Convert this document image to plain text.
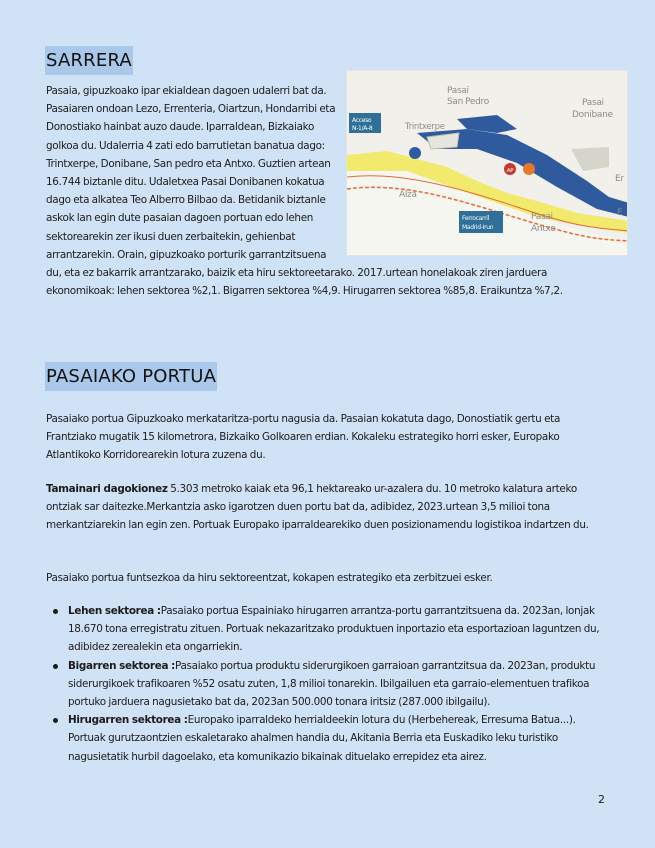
SARRERA
AP
Pasai
San Pedro	Pasai
Donibane
Trintxerpe
Alza
Pasai
Antxo
E
Er
Acceso
N-1/A-8
Ferrocarril
Madrid-Irun
Pasaia, gipuzkoako ipar ekialdean dagoen udalerri bat da. Pasaiaren ondoan Lezo, Errenteria, Oiartzun, Hondarribi eta Donostiako hainbat auzo daude. Iparraldean, Bizkaiako golkoa du. Udalerria 4 zati edo barrutietan banatua dago: Trintxerpe, Donibane, San pedro eta Antxo. Guztien artean 16.744 biztanle ditu. Udaletxea Pasai Donibanen kokatua dago eta alkatea Teo Alberro Bilbao da. Betidanik biztanle askok lan egin dute pasaian dagoen portuan edo lehen sektorearekin zer ikusi duen zerbaitekin, gehienbat arrantzarekin. Orain, gipuzkoako porturik garrantzitsuena du, eta ez bakarrik arrantzarako, baizik eta hiru sektoreetarako. 2017.urtean honelakoak ziren jarduera ekonomikoak: lehen sektorea %2,1. Bigarren sektorea %4,9. Hirugarren sektorea %85,8. Eraikuntza %7,2.
PASAIAKO PORTUA
Pasaiako portua Gipuzkoako merkataritza-portu nagusia da. Pasaian kokatuta dago, Donostiatik gertu eta Frantziako mugatik 15 kilometrora, Bizkaiko Golkoaren erdian. Kokaleku estrategiko horri esker, Europako Atlantikoko Korridorearekin lotura zuzena du.
Tamainari dagokionez 5.303 metroko kaiak eta 96,1 hektareako ur-azalera du. 10 metroko kalatura arteko ontziak sar daitezke.Merkantzia asko igarotzen duen portu bat da, adibidez, 2023.urtean 3,5 milioi tona merkantziarekin lan egin zen. Portuak Europako iparraldearekiko duen posizionamendu logistikoa indartzen du.
Pasaiako portua funtsezkoa da hiru sektoreentzat, kokapen estrategiko eta zerbitzuei esker.
Lehen sektorea :Pasaiako portua Espainiako hirugarren arrantza-portu garrantzitsuena da. 2023an, lonjak 18.670 tona erregistratu zituen. Portuak nekazaritzako produktuen inportazio eta esportazioan laguntzen du, adibidez zerealekin eta ongarriekin.
Bigarren sektorea :Pasaiako portua produktu siderurgikoen garraioan garrantzitsua da. 2023an, produktu siderurgikoek trafikoaren %52 osatu zuten, 1,8 milioi tonarekin. Ibilgailuen eta garraio-elementuen trafikoa portuko jarduera nagusietako bat da, 2023an 500.000 tonara iritsiz (287.000 ibilgailu).
Hirugarren sektorea :Europako iparraldeko herrialdeekin lotura du (Herbehereak, Erresuma Batua...). Portuak gurutzaontzien eskaletarako ahalmen handia du, Akitania Berria eta Euskadiko leku turistiko nagusietatik hurbil dagoelako, eta komunikazio bikainak dituelako errepidez eta airez.
2
